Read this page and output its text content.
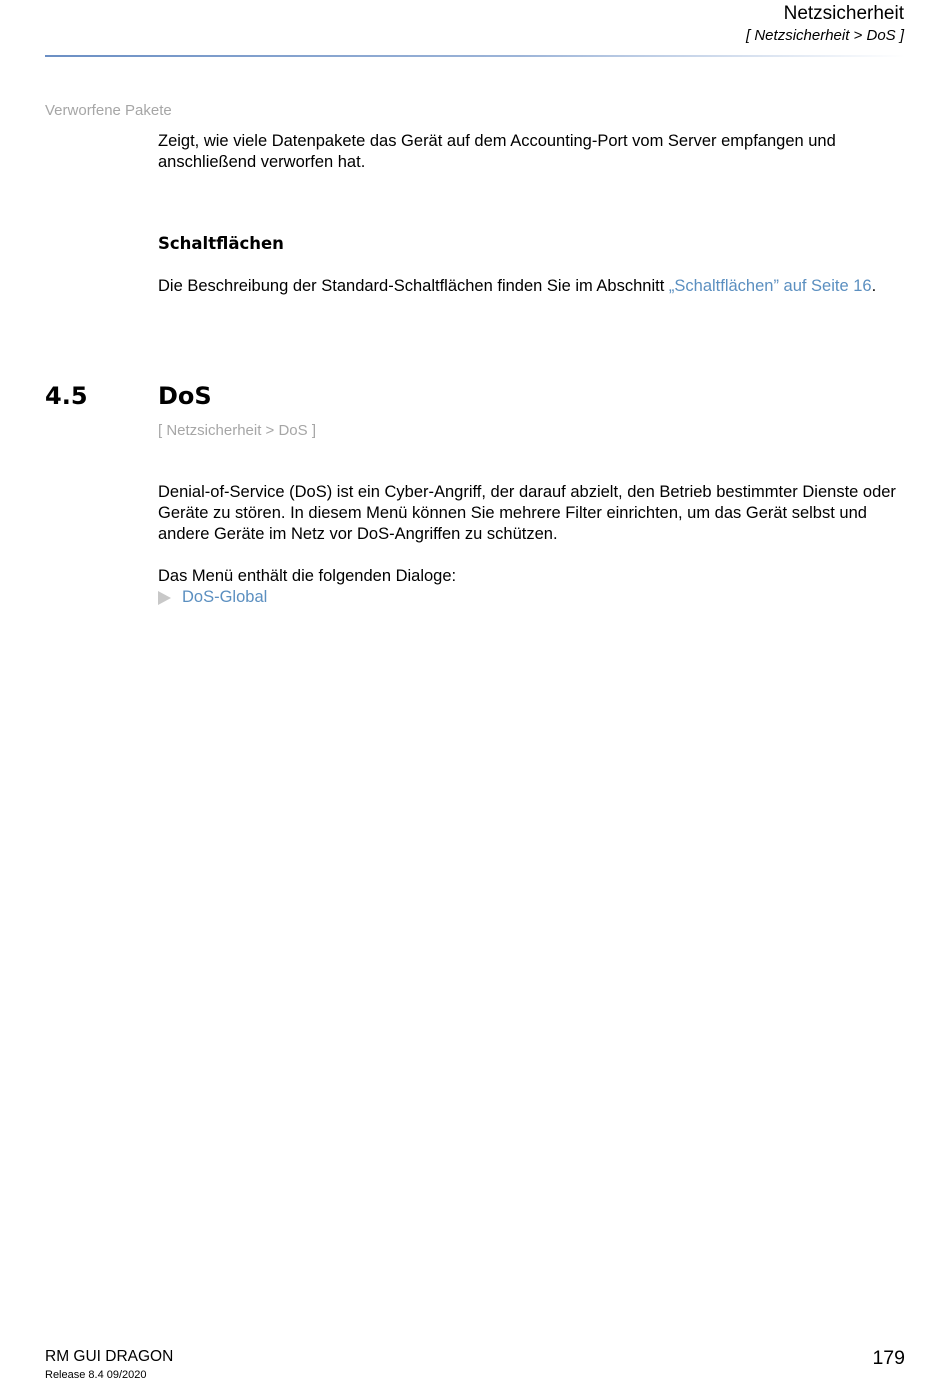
Netzsicherheit
[ Netzsicherheit > DoS ]
Verworfene Pakete
Zeigt, wie viele Datenpakete das Gerät auf dem Accounting-Port vom Server empfangen und anschließend verworfen hat.
Schaltflächen
Die Beschreibung der Standard-Schaltflächen finden Sie im Abschnitt „Schaltflächen” auf Seite 16.
4.5	DoS
[ Netzsicherheit > DoS ]
Denial-of-Service (DoS) ist ein Cyber-Angriff, der darauf abzielt, den Betrieb bestimmter Dienste oder Geräte zu stören. In diesem Menü können Sie mehrere Filter einrichten, um das Gerät selbst und andere Geräte im Netz vor DoS-Angriffen zu schützen.
Das Menü enthält die folgenden Dialoge:
DoS-Global
RM GUI DRAGON
Release 8.4 09/2020
179
